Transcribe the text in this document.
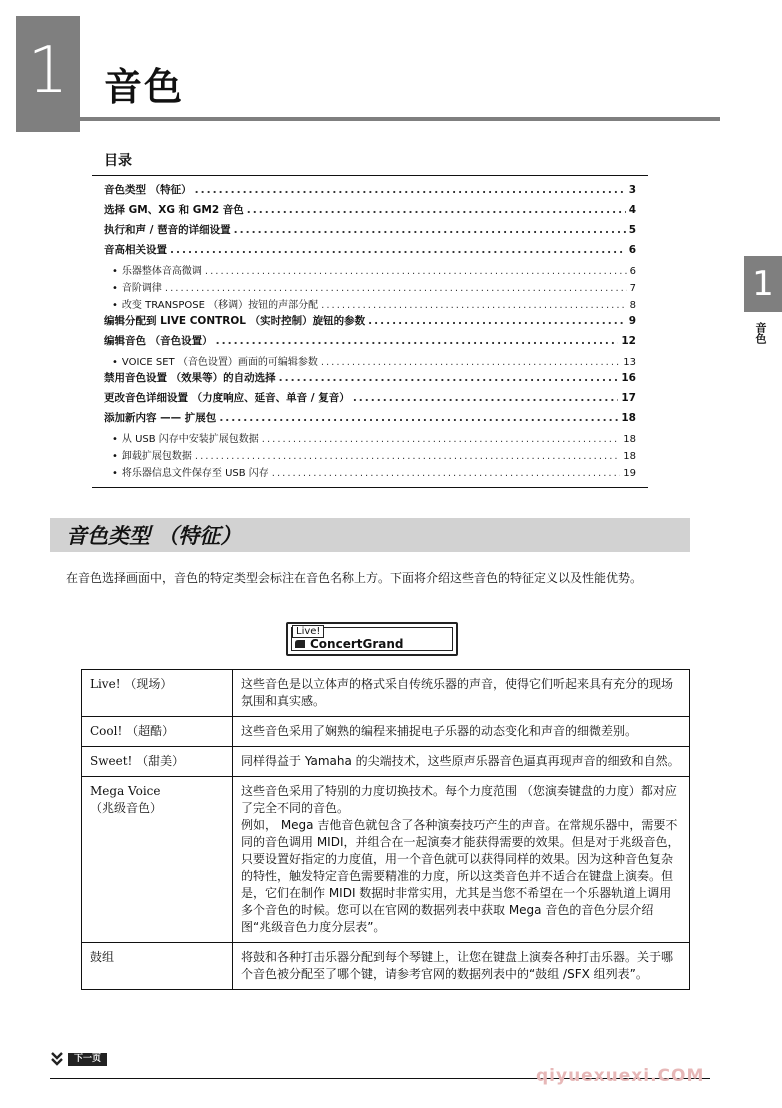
1 音色
1
音色
目录
音色类型 （特征） .....	3
选择 GM、XG 和 GM2 音色 .....	4
执行和声 / 琶音的详细设置 .....	5
音高相关设置 .....	6
• 乐器整体音高微调 .....	6
• 音阶调律 .....	7
• 改变 TRANSPOSE （移调）按钮的声部分配 .....	8
编辑分配到 LIVE CONTROL （实时控制）旋钮的参数 .....	9
编辑音色 （音色设置） .....	12
• VOICE SET （音色设置）画面的可编辑参数 .....	13
禁用音色设置 （效果等）的自动选择 .....	16
更改音色详细设置 （力度响应、延音、单音 / 复音） .....	17
添加新内容 —— 扩展包 .....	18
• 从 USB 闪存中安装扩展包数据 .....	18
• 卸载扩展包数据 .....	18
• 将乐器信息文件保存至 USB 闪存 .....	19
音色类型 （特征）
在音色选择画面中，音色的特定类型会标注在音色名称上方。下面将介绍这些音色的特征定义以及性能优势。
Live!
ConcertGrand
Live! （现场）	这些音色是以立体声的格式采自传统乐器的声音，使得它们听起来具有充分的现场氛围和真实感。
Cool! （超酷）	这些音色采用了娴熟的编程来捕捉电子乐器的动态变化和声音的细微差别。
Sweet! （甜美）	同样得益于 Yamaha 的尖端技术，这些原声乐器音色逼真再现声音的细致和自然。
Mega Voice
（兆级音色）	这些音色采用了特别的力度切换技术。每个力度范围 （您演奏键盘的力度）都对应了完全不同的音色。
例如， Mega 吉他音色就包含了各种演奏技巧产生的声音。在常规乐器中，需要不同的音色调用 MIDI，并组合在一起演奏才能获得需要的效果。但是对于兆级音色，只要设置好指定的力度值，用一个音色就可以获得同样的效果。因为这种音色复杂的特性，触发特定音色需要精准的力度，所以这类音色并不适合在键盘上演奏。但是，它们在制作 MIDI 数据时非常实用，尤其是当您不希望在一个乐器轨道上调用多个音色的时候。您可以在官网的数据列表中获取 Mega 音色的音色分层介绍图“兆级音色力度分层表”。
鼓组	将鼓和各种打击乐器分配到每个琴键上，让您在键盘上演奏各种打击乐器。关于哪个音色被分配至了哪个键，请参考官网的数据列表中的“鼓组 /SFX 组列表”。
下一页
qiyuexuexi.COM
